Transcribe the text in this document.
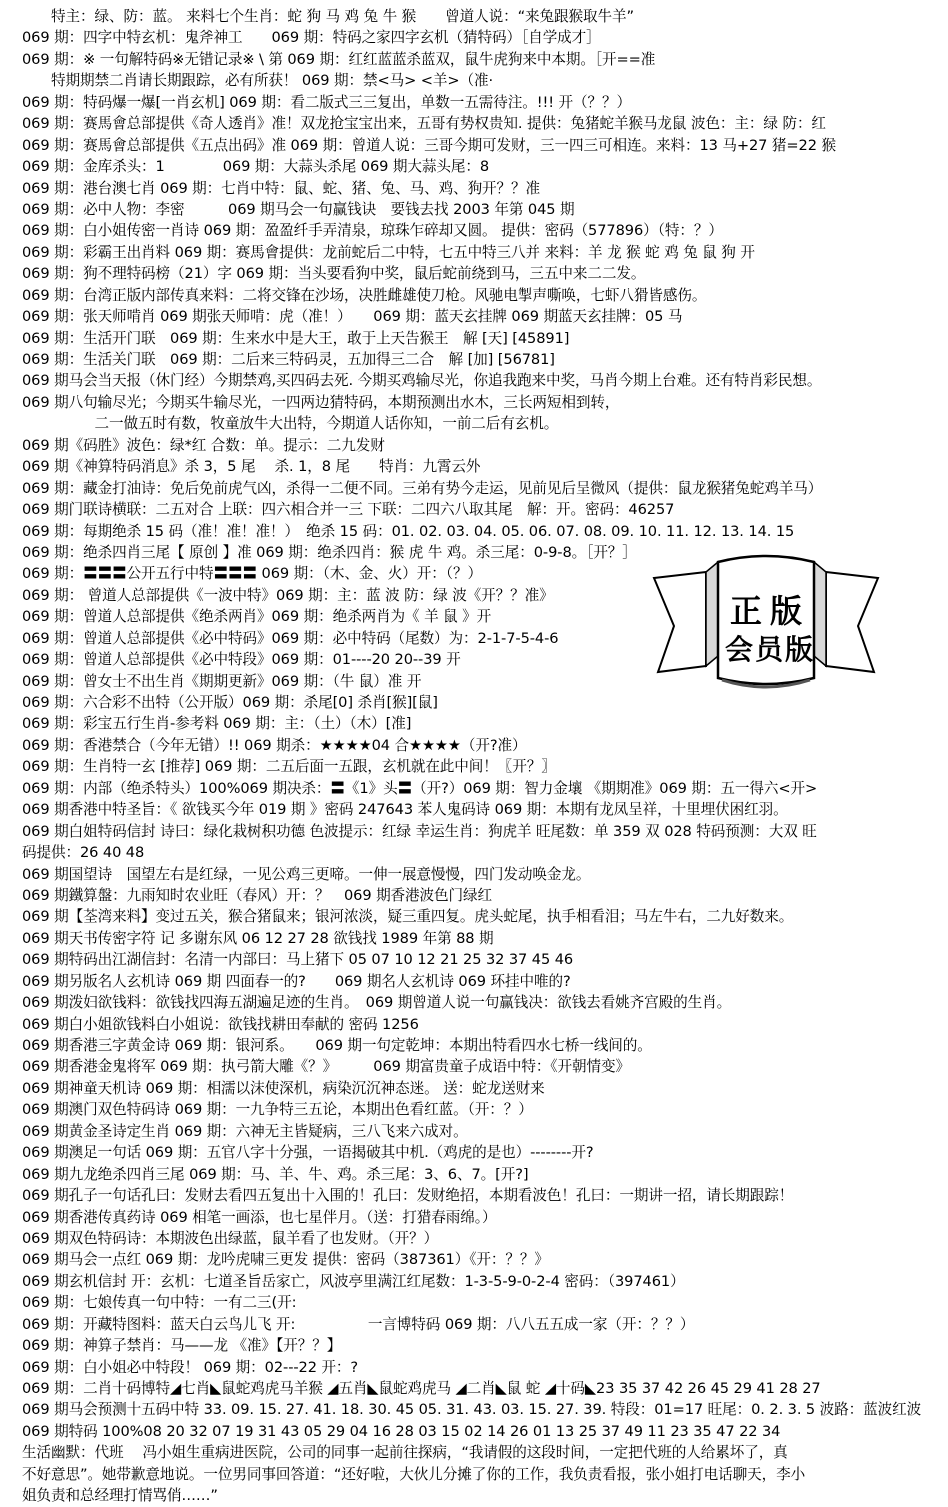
　　特主：绿、防：蓝。 来料七个生肖：蛇 狗 马 鸡 兔 牛 猴　　曾道人说：“来兔跟猴取牛羊”
069 期：四字中特玄机：鬼斧神工　　069 期：特码之家四字玄机（猜特码）［自学成才］
069 期：※ 一句解特码※无错记录※ \ 第 069 期：红红蓝蓝杀蓝双，鼠牛虎狗来中本期。［开==准
　　特期期禁二肖请长期跟踪，必有所获！ 069 期：禁<马> <羊>（准·
069 期：特码爆一爆[一肖玄机] 069 期：看二版式三三复出，单数一五需待注。!!! 开（？？）
069 期：赛馬會总部提供《奇人透肖》准！双龙抢宝宝出来，五哥有势权贵知. 提供：兔猪蛇羊猴马龙鼠 波色：主：绿 防：红
069 期：赛馬會总部提供《五点出码》准 069 期：曾道人说：三哥今期可发财，三一四三可相连。来料：13 马+27 猪=22 猴
069 期：金库杀头：1　　　　069 期：大蒜头杀尾 069 期大蒜头尾：8
069 期：港台澳七肖 069 期：七肖中特：鼠、蛇、猪、兔、马、鸡、狗开？？准
069 期：必中人物：李密　　　069 期马会一句赢钱诀　要钱去找 2003 年第 045 期
069 期：白小姐传密一肖诗 069 期：盈盈纤手弄清泉，琼珠乍碎却又圆。 提供：密码（577896）（特：？）
069 期：彩霸王出肖料 069 期：赛馬會提供：龙前蛇后二中特，七五中特三八并 来料：羊 龙 猴 蛇 鸡 兔 鼠 狗 开
069 期：狗不理特码榜（21）字 069 期：当头要看狗中奖，鼠后蛇前绕到马，三五中来二二发。
069 期：台湾正版内部传真来料：二将交锋在沙场，决胜雌雄使刀枪。风驰电掣声嘶唤，七虾八猾皆感伤。
069 期：张天师啃肖 069 期张天师啃：虎（准！）　　069 期：蓝天玄挂牌 069 期蓝天玄挂牌：05 马
069 期：生活开门联　069 期：生来水中是大王，敢于上天告猴王　解 [天] [45891]
069 期：生活关门联　069 期：二后来三特码灵，五加得三二合　解 [加] [56781]
069 期马会当天报（休门经）今期禁鸡,买四码去死. 今期买鸡输尽光，你追我跑来中奖，马肖今期上台难。还有特肖彩民想。
069 期八句输尽光；今期买牛输尽光，一四两边猜特码，本期预测出水木，三长两短相到转，
　　　　　二一做五时有数，牧童放牛大出特，今期道人话你知，一前二后有玄机。
069 期《码胜》波色：绿*红 合数：单。提示：二九发财
069 期《神算特码消息》杀 3，5 尾　 杀. 1，8 尾　　特肖：九霄云外
069 期：藏金打油诗：免后免前虎气凶，杀得一二便不同。三弟有势今走运，见前见后呈微风（提供：鼠龙猴猪兔蛇鸡羊马）
069 期门联诗横联：二五对合 上联：四六相合并一三 下联：二四六八取其尾　解：开。密码：46257
069 期：每期绝杀 15 码（准！准！准！）　绝杀 15 码：01. 02. 03. 04. 05. 06. 07. 08. 09. 10. 11. 12. 13. 14. 15
069 期：绝杀四肖三尾【 原创 】准 069 期：绝杀四肖：猴 虎 牛 鸡。杀三尾：0-9-8。［开？］
069 期：〓〓〓公开五行中特〓〓〓 069 期：（木、金、火）开：（？）
069 期： 曾道人总部提供《一波中特》069 期：主：蓝 波 防：绿 波《开？？准》
069 期：曾道人总部提供《绝杀两肖》069 期：绝杀两肖为《 羊 鼠 》开
069 期：曾道人总部提供《必中特码》069 期：必中特码（尾数）为：2-1-7-5-4-6
069 期：曾道人总部提供《必中特段》069 期：01----20 20--39 开
069 期：曾女士不出生肖《期期更新》069 期：（牛 鼠）准 开
069 期：六合彩不出特（公开版）069 期：杀尾[0] 杀肖[猴][鼠]
069 期：彩宝五行生肖-参考料 069 期：主：（土）（木）[准]
069 期：香港禁合（今年无错）!! 069 期杀：★★★★04 合★★★★（开?准）
069 期：生肖特一玄 [推荐] 069 期：二五后面一五跟，玄机就在此中间！〖开？〗
069 期：内部（绝杀特头）100%069 期决杀：〓《1》头〓（开?）069 期：智力金壤 《期期准》069 期：五一得六<开>
069 期香港中特圣旨：《 欲钱买今年 019 期 》密码 247643 苯人鬼码诗 069 期：本期有龙凤呈祥，十里埋伏困红羽。
069 期白姐特码信封 诗曰：绿化栽树积功德 色波提示：红绿 幸运生肖：狗虎羊 旺尾数：单 359 双 028 特码预测：大双 旺
码提供：26 40 48
069 期国望诗　国望左右是红绿，一见公鸡三更啼。一伸一展意慢慢，四门发动唤金龙。
069 期鐵算盤：九雨知时农业旺（春风）开：？　069 期香港波色门绿红
069 期【荃湾来料】变过五关，猴合猪鼠来；银河浓淡，疑三重四复。虎头蛇尾，执手相看泪；马左牛右，二九好数来。
069 期天书传密字符 记 多谢东风 06 12 27 28 欲钱找 1989 年第 88 期
069 期特码出江湖信封：名清一内部曰：马上猪下 05 07 10 12 21 25 32 37 45 46
069 期另版名人玄机诗 069 期 四面春一的?　　069 期名人玄机诗 069 环挂中唯的?
069 期泼妇欲钱料：欲钱找四海五湖遍足迹的生肖。　069 期曾道人说一句赢钱决：欲钱去看姚齐宫殿的生肖。
069 期白小姐欲钱料白小姐说：欲钱找耕田奉献的 密码 1256
069 期香港三字黄金诗 069 期：银河系。　　069 期一句定乾坤：本期出特看四水七桥一线间的。
069 期香港金鬼将军 069 期：执弓箭大雕《？》　　　069 期富贵童子成语中特：《开朝情变》
069 期神童天机诗 069 期：相濡以沫使深机，病染沉沉神态迷。 送：蛇龙送财来
069 期澳门双色特码诗 069 期：一九争特三五论，本期出色看红蓝。（开：？）
069 期黄金圣诗定生肖 069 期：六神无主皆疑病，三八飞来六成对。
069 期澳足一句话 069 期：五官八字十分强，一语揭破其中机.（鸡虎的是也）--------开?
069 期九龙绝杀四肖三尾 069 期：马、羊、牛、鸡。杀三尾：3、6、7。[开?]
069 期孔子一句话孔曰：发财去看四五复出十入围的！孔曰：发财绝招，本期看波色！孔曰：一期讲一招，请长期跟踪！
069 期香港传真药诗 069 相笔一画添，也七星伴月。（送：打猎春雨绵。）
069 期双色特码诗：本期波色出绿蓝，鼠羊看了也发财。（开？）
069 期马会一点红 069 期：龙吟虎啸三更发 提供：密码（387361）《开：？？》
069 期玄机信封 开：玄机：七道圣旨岳家亡，风波亭里满江红尾数：1-3-5-9-0-2-4 密码：（397461）
069 期：七娘传真一句中特：一有二三(开:
069 期：开藏特图料：蓝天白云鸟儿飞 开:　　　　　一言博特码 069 期：八八五五成一家（开：？？）
069 期：神算子禁肖：马——龙 《准》【开？？】
069 期：白小姐必中特段！ 069 期：02---22 开：?
069 期：二肖十码博特◢七肖◣鼠蛇鸡虎马羊猴 ◢五肖◣鼠蛇鸡虎马 ◢二肖◣鼠 蛇 ◢十码◣23 35 37 42 26 45 29 41 28 27
069 期马会预测十五码中特 33. 09. 15. 27. 41. 18. 30. 45 05. 31. 43. 03. 15. 27. 39. 特段：01=17 旺尾：0. 2. 3. 5 波路：蓝波红波
069 期特码 100%08 20 32 07 19 31 43 05 29 04 16 28 03 15 02 14 26 01 13 25 37 49 11 23 35 47 22 34
生活幽默：代班　 冯小姐生重病进医院，公司的同事一起前往探病，“我请假的这段时间，一定把代班的人给累坏了，真
不好意思”。她带歉意地说。一位男同事回答道：“还好啦，大伙儿分摊了你的工作，我负责看报，张小姐打电话聊天，李小
姐负责和总经理打情骂俏……”
正版
会员版
